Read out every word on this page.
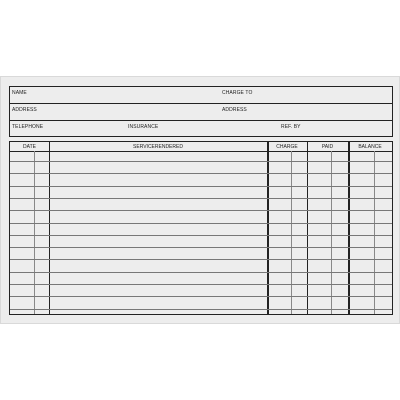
NAME	CHARGE TO
ADDRESS	ADDRESS
TELEPHONE	INSURANCE	REF. BY
DATE	SERVICERENDERED	CHARGE	PAID	BALANCE
